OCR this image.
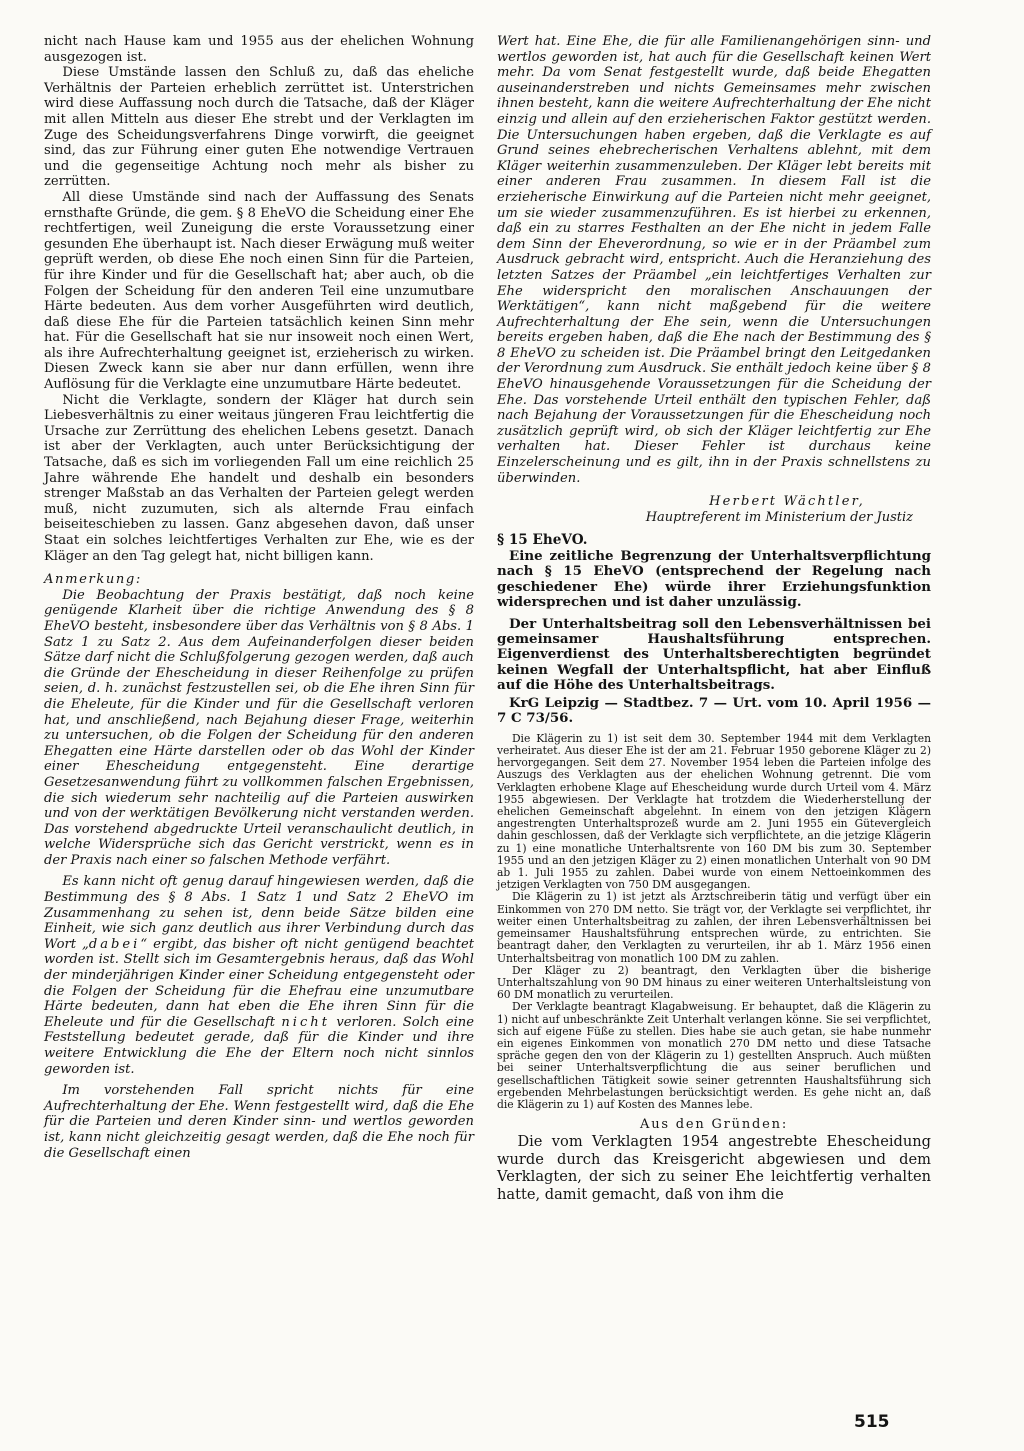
nicht nach Hause kam und 1955 aus der ehelichen Wohnung ausgezogen ist.

Diese Umstände lassen den Schluß zu, daß das eheliche Verhältnis der Parteien erheblich zerrüttet ist. Unterstrichen wird diese Auffassung noch durch die Tatsache, daß der Kläger mit allen Mitteln aus dieser Ehe strebt und der Verklagten im Zuge des Scheidungsverfahrens Dinge vorwirft, die geeignet sind, das zur Führung einer guten Ehe notwendige Vertrauen und die gegenseitige Achtung noch mehr als bisher zu zerrütten.

All diese Umstände sind nach der Auffassung des Senats ernsthafte Gründe, die gem. § 8 EheVO die Scheidung einer Ehe rechtfertigen, weil Zuneigung die erste Voraussetzung einer gesunden Ehe überhaupt ist. Nach dieser Erwägung muß weiter geprüft werden, ob diese Ehe noch einen Sinn für die Parteien, für ihre Kinder und für die Gesellschaft hat; aber auch, ob die Folgen der Scheidung für den anderen Teil eine unzumutbare Härte bedeuten. Aus dem vorher Ausgeführten wird deutlich, daß diese Ehe für die Parteien tatsächlich keinen Sinn mehr hat. Für die Gesellschaft hat sie nur insoweit noch einen Wert, als ihre Aufrechterhaltung geeignet ist, erzieherisch zu wirken. Diesen Zweck kann sie aber nur dann erfüllen, wenn ihre Auflösung für die Verklagte eine unzumutbare Härte bedeutet.

Nicht die Verklagte, sondern der Kläger hat durch sein Liebesverhältnis zu einer weitaus jüngeren Frau leichtfertig die Ursache zur Zerrüttung des ehelichen Lebens gesetzt. Danach ist aber der Verklagten, auch unter Berücksichtigung der Tatsache, daß es sich im vorliegenden Fall um eine reichlich 25 Jahre währende Ehe handelt und deshalb ein besonders strenger Maßstab an das Verhalten der Parteien gelegt werden muß, nicht zuzumuten, sich als alternde Frau einfach beiseiteschieben zu lassen. Ganz abgesehen davon, daß unser Staat ein solches leichtfertiges Verhalten zur Ehe, wie es der Kläger an den Tag gelegt hat, nicht billigen kann.

Anmerkung:

Die Beobachtung der Praxis bestätigt, daß noch keine genügende Klarheit über die richtige Anwendung des § 8 EheVO besteht, insbesondere über das Verhältnis von § 8 Abs. 1 Satz 1 zu Satz 2. Aus dem Aufeinanderfolgen dieser beiden Sätze darf nicht die Schlußfolgerung gezogen werden, daß auch die Gründe der Ehescheidung in dieser Reihenfolge zu prüfen seien, d. h. zunächst festzustellen sei, ob die Ehe ihren Sinn für die Eheleute, für die Kinder und für die Gesellschaft verloren hat, und anschließend, nach Bejahung dieser Frage, weiterhin zu untersuchen, ob die Folgen der Scheidung für den anderen Ehegatten eine Härte darstellen oder ob das Wohl der Kinder einer Ehescheidung entgegensteht. Eine derartige Gesetzesanwendung führt zu vollkommen falschen Ergebnissen, die sich wiederum sehr nachteilig auf die Parteien auswirken und von der werktätigen Bevölkerung nicht verstanden werden. Das vorstehend abgedruckte Urteil veranschaulicht deutlich, in welche Widersprüche sich das Gericht verstrickt, wenn es in der Praxis nach einer so falschen Methode verfährt.

Es kann nicht oft genug darauf hingewiesen werden, daß die Bestimmung des § 8 Abs. 1 Satz 1 und Satz 2 EheVO im Zusammenhang zu sehen ist, denn beide Sätze bilden eine Einheit, wie sich ganz deutlich aus ihrer Verbindung durch das Wort „dabei“ ergibt, das bisher oft nicht genügend beachtet worden ist. Stellt sich im Gesamtergebnis heraus, daß das Wohl der minderjährigen Kinder einer Scheidung entgegensteht oder die Folgen der Scheidung für die Ehefrau eine unzumutbare Härte bedeuten, dann hat eben die Ehe ihren Sinn für die Eheleute und für die Gesellschaft nicht verloren. Solch eine Feststellung bedeutet gerade, daß für die Kinder und ihre weitere Entwicklung die Ehe der Eltern noch nicht sinnlos geworden ist.

Im vorstehenden Fall spricht nichts für eine Aufrechterhaltung der Ehe. Wenn festgestellt wird, daß die Ehe für die Parteien und deren Kinder sinn- und wertlos geworden ist, kann nicht gleichzeitig gesagt werden, daß die Ehe noch für die Gesellschaft einen

Wert hat. Eine Ehe, die für alle Familienangehörigen sinn- und wertlos geworden ist, hat auch für die Gesellschaft keinen Wert mehr. Da vom Senat festgestellt wurde, daß beide Ehegatten auseinanderstreben und nichts Gemeinsames mehr zwischen ihnen besteht, kann die weitere Aufrechterhaltung der Ehe nicht einzig und allein auf den erzieherischen Faktor gestützt werden. Die Untersuchungen haben ergeben, daß die Verklagte es auf Grund seines ehebrecherischen Verhaltens ablehnt, mit dem Kläger weiterhin zusammenzuleben. Der Kläger lebt bereits mit einer anderen Frau zusammen. In diesem Fall ist die erzieherische Einwirkung auf die Parteien nicht mehr geeignet, um sie wieder zusammenzuführen. Es ist hierbei zu erkennen, daß ein zu starres Festhalten an der Ehe nicht in jedem Falle dem Sinn der Eheverordnung, so wie er in der Präambel zum Ausdruck gebracht wird, entspricht. Auch die Heranziehung des letzten Satzes der Präambel „ein leichtfertiges Verhalten zur Ehe widerspricht den moralischen Anschauungen der Werktätigen“, kann nicht maßgebend für die weitere Aufrechterhaltung der Ehe sein, wenn die Untersuchungen bereits ergeben haben, daß die Ehe nach der Bestimmung des § 8 EheVO zu scheiden ist. Die Präambel bringt den Leitgedanken der Verordnung zum Ausdruck. Sie enthält jedoch keine über § 8 EheVO hinausgehende Voraussetzungen für die Scheidung der Ehe. Das vorstehende Urteil enthält den typischen Fehler, daß nach Bejahung der Voraussetzungen für die Ehescheidung noch zusätzlich geprüft wird, ob sich der Kläger leichtfertig zur Ehe verhalten hat. Dieser Fehler ist durchaus keine Einzelerscheinung und es gilt, ihn in der Praxis schnellstens zu überwinden.

Herbert Wächtler,

Hauptreferent im Ministerium der Justiz

§ 15 EheVO.

Eine zeitliche Begrenzung der Unterhaltsverpflichtung nach § 15 EheVO (entsprechend der Regelung nach geschiedener Ehe) würde ihrer Erziehungsfunktion widersprechen und ist daher unzulässig.

Der Unterhaltsbeitrag soll den Lebensverhältnissen bei gemeinsamer Haushaltsführung entsprechen. Eigenverdienst des Unterhaltsberechtigten begründet keinen Wegfall der Unterhaltspflicht, hat aber Einfluß auf die Höhe des Unterhaltsbeitrags.

KrG Leipzig — Stadtbez. 7 — Urt. vom 10. April 1956 — 7 C 73/56.

Die Klägerin zu 1) ist seit dem 30. September 1944 mit dem Verklagten verheiratet. Aus dieser Ehe ist der am 21. Februar 1950 geborene Kläger zu 2) hervorgegangen. Seit dem 27. November 1954 leben die Parteien infolge des Auszugs des Verklagten aus der ehelichen Wohnung getrennt. Die vom Verklagten erhobene Klage auf Ehescheidung wurde durch Urteil vom 4. März 1955 abgewiesen. Der Verklagte hat trotzdem die Wiederherstellung der ehelichen Gemeinschaft abgelehnt. In einem von den jetzigen Klägern angestrengten Unterhaltsprozeß wurde am 2. Juni 1955 ein Gütevergleich dahin geschlossen, daß der Verklagte sich verpflichtete, an die jetzige Klägerin zu 1) eine monatliche Unterhaltsrente von 160 DM bis zum 30. September 1955 und an den jetzigen Kläger zu 2) einen monatlichen Unterhalt von 90 DM ab 1. Juli 1955 zu zahlen. Dabei wurde von einem Nettoeinkommen des jetzigen Verklagten von 750 DM ausgegangen.

Die Klägerin zu 1) ist jetzt als Arztschreiberin tätig und verfügt über ein Einkommen von 270 DM netto. Sie trägt vor, der Verklagte sei verpflichtet, ihr weiter einen Unterhaltsbeitrag zu zahlen, der ihren Lebensverhältnissen bei gemeinsamer Haushaltsführung entsprechen würde, zu entrichten. Sie beantragt daher, den Verklagten zu verurteilen, ihr ab 1. März 1956 einen Unterhaltsbeitrag von monatlich 100 DM zu zahlen.

Der Kläger zu 2) beantragt, den Verklagten über die bisherige Unterhaltszahlung von 90 DM hinaus zu einer weiteren Unterhaltsleistung von 60 DM monatlich zu verurteilen.

Der Verklagte beantragt Klagabweisung. Er behauptet, daß die Klägerin zu 1) nicht auf unbeschränkte Zeit Unterhalt verlangen könne. Sie sei verpflichtet, sich auf eigene Füße zu stellen. Dies habe sie auch getan, sie habe nunmehr ein eigenes Einkommen von monatlich 270 DM netto und diese Tatsache spräche gegen den von der Klägerin zu 1) gestellten Anspruch. Auch müßten bei seiner Unterhaltsverpflichtung die aus seiner beruflichen und gesellschaftlichen Tätigkeit sowie seiner getrennten Haushaltsführung sich ergebenden Mehrbelastungen berücksichtigt werden. Es gehe nicht an, daß die Klägerin zu 1) auf Kosten des Mannes lebe.

Aus den Gründen:

Die vom Verklagten 1954 angestrebte Ehescheidung wurde durch das Kreisgericht abgewiesen und dem Verklagten, der sich zu seiner Ehe leichtfertig verhalten hatte, damit gemacht, daß von ihm die

515
